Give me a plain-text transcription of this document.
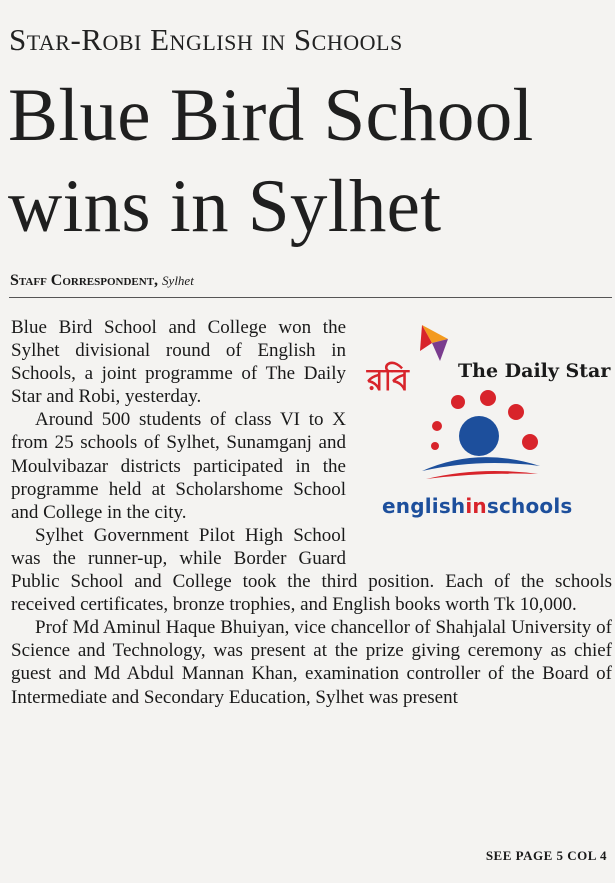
Star-Robi English in Schools
Blue Bird School wins in Sylhet
Staff Correspondent, Sylhet

Blue Bird School and College won the Sylhet divisional round of English in Schools, a joint programme of The Daily Star and Robi, yesterday.

Around 500 students of class VI to X from 25 schools of Sylhet, Sunamganj and Moulvibazar districts participated in the programme held at Scholarshome School and College in the city.

Sylhet Government Pilot High School was the runner-up, while Border Guard Public School and College took the third position. Each of the schools received certificates, bronze trophies, and English books worth Tk 10,000.

Prof Md Aminul Haque Bhuiyan, vice chancellor of Shahjalal University of Science and Technology, was present at the prize giving ceremony as chief guest and Md Abdul Mannan Khan, examination controller of the Board of Intermediate and Secondary Education, Sylhet was present

রবি	The Daily Star
englishinschools
SEE PAGE 5 COL 4
